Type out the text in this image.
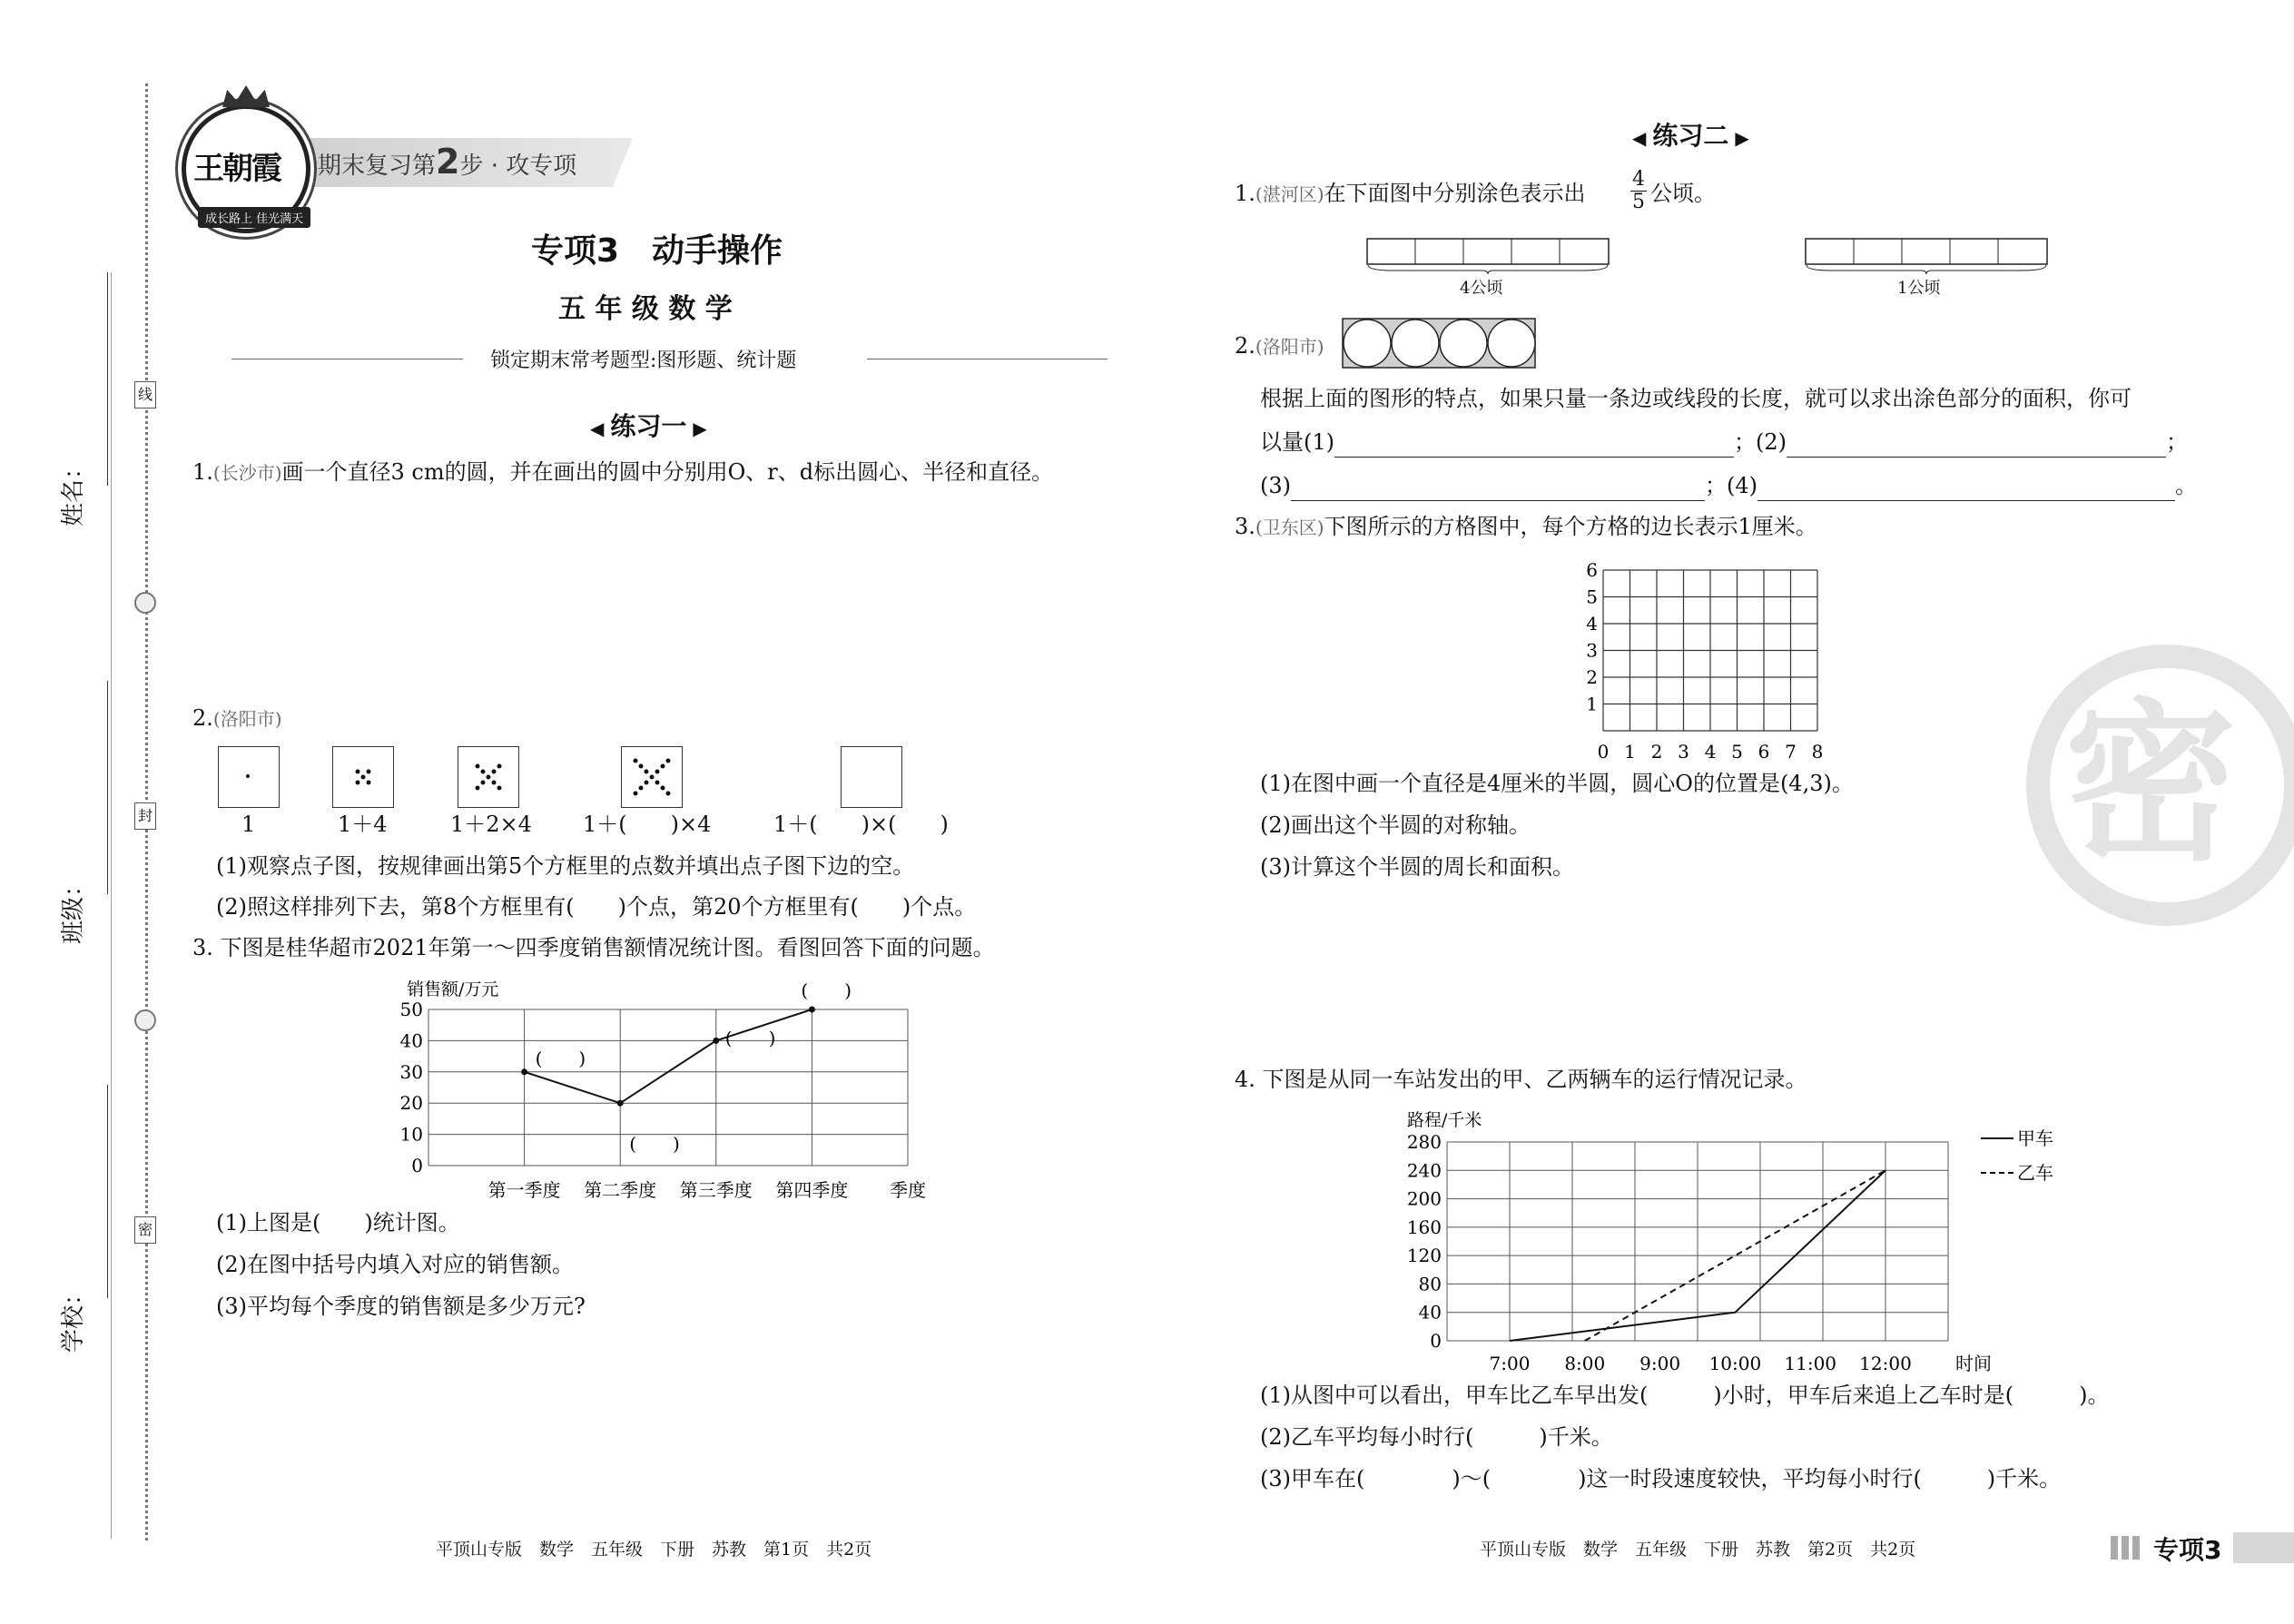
线
封
密
姓名：
班级：
学校：
期末复习第2步 · 攻专项
王朝霞
成长路上 佳光满天
专项3　动手操作
五 年 级 数 学
锁定期末常考题型:图形题、统计题
◀ 练习一 ▶
1.(长沙市)画一个直径3 cm的圆，并在画出的圆中分别用O、r、d标出圆心、半径和直径。
2.(洛阳市)
1	1＋4	1＋2×4 1＋(　　)×4	1＋(　　)×(　　)
(1)观察点子图，按规律画出第5个方框里的点数并填出点子图下边的空。
(2)照这样排列下去，第8个方框里有(　　)个点，第20个方框里有(　　)个点。
3. 下图是桂华超市2021年第一～四季度销售额情况统计图。看图回答下面的问题。
0
10
20
30
40
50
销售额/万元
第一季度 第二季度 第三季度 第四季度 季度
(　　)
(　　)
(　　)
(　　)
(1)上图是(　　)统计图。
(2)在图中括号内填入对应的销售额。
(3)平均每个季度的销售额是多少万元?
平顶山专版　数学　五年级　下册　苏教　第1页　共2页
◀ 练习二 ▶
1.(湛河区)在下面图中分别涂色表示出 $\frac{4}{5}$ 公顷。
4公顷	1公顷
2.(洛阳市)
根据上面的图形的特点，如果只量一条边或线段的长度，就可以求出涂色部分的面积，你可
以量(1)	；(2)	；
(3)	；(4)	。
3.(卫东区)下图所示的方格图中，每个方格的边长表示1厘米。
6
5
4
3
2
1
0 1 2 3 4 5 6 7 8
(1)在图中画一个直径是4厘米的半圆，圆心O的位置是(4,3)。
(2)画出这个半圆的对称轴。
(3)计算这个半圆的周长和面积。
4. 下图是从同一车站发出的甲、乙两辆车的运行情况记录。
0
40
80
120
160
200
240
280
路程/千米
7:00 8:00 9:00 10:00 11:00 12:00 时间
甲车
乙车
(1)从图中可以看出，甲车比乙车早出发(　　　)小时，甲车后来追上乙车时是(　　　)。
(2)乙车平均每小时行(　　　)千米。
(3)甲车在(　　　　)～(　　　　)这一时段速度较快，平均每小时行(　　　)千米。
平顶山专版　数学　五年级　下册　苏教　第2页　共2页	专项3
密
